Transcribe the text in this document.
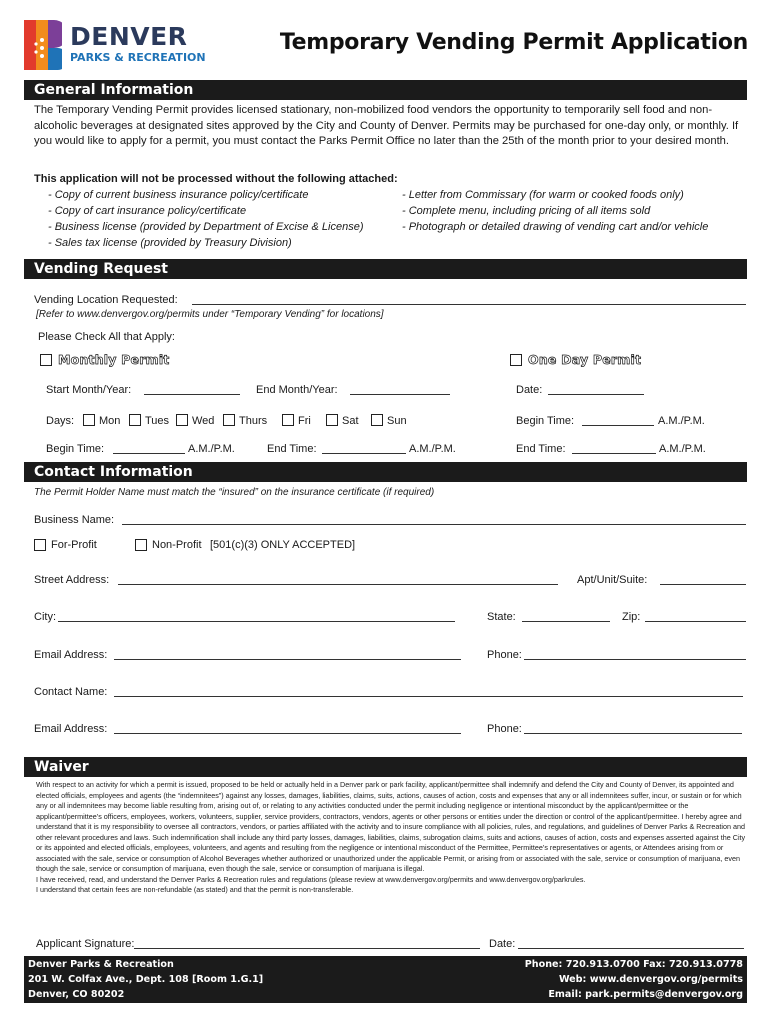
DENVER
PARKS & RECREATION
Temporary Vending Permit Application
General Information
The Temporary Vending Permit provides licensed stationary, non-mobilized food vendors the opportunity to temporarily sell food and non-alcoholic beverages at designated sites approved by the City and County of Denver. Permits may be purchased for one-day only, or monthly. If you would like to apply for a permit, you must contact the Parks Permit Office no later than the 25th of the month prior to your desired month.
This application will not be processed without the following attached:
- Copy of current business insurance policy/certificate
- Copy of cart insurance policy/certificate
- Business license (provided by Department of Excise & License)
- Sales tax license (provided by Treasury Division)
- Letter from Commissary (for warm or cooked foods only)
- Complete menu, including pricing of all items sold
- Photograph or detailed drawing of vending cart and/or vehicle
Vending Request
Vending Location Requested:
[Refer to www.denvergov.org/permits under “Temporary Vending” for locations]
Please Check All that Apply:
Monthly Permit	One Day Permit
Start Month/Year:	End Month/Year:	Date:
Days: Mon Tues Wed Thurs	Fri	Sat	Sun	Begin Time:	A.M./P.M.
Begin Time:	A.M./P.M.	End Time:	A.M./P.M.	End Time:	A.M./P.M.
Contact Information
The Permit Holder Name must match the “insured” on the insurance certificate (if required)
Business Name:
For-Profit	Non-Profit [501(c)(3) ONLY ACCEPTED]
Street Address:	Apt/Unit/Suite:
City:	State:	Zip:
Email Address:	Phone:
Contact Name:
Email Address:	Phone:
Waiver
With respect to an activity for which a permit is issued, proposed to be held or actually held in a Denver park or park facility, applicant/permittee shall indemnify and defend the City and County of Denver, its appointed and elected officials, employees and agents (the “indemnitees”) against any losses, damages, liabilities, claims, suits, actions, causes of action, costs and expenses that any or all indemnitees suffer, incur, or sustain or for which any or all indemnitees may become liable resulting from, arising out of, or relating to any activities conducted under the permit including negligence or intentional misconduct by the applicant/permittee or the applicant/permittee’s officers, employees, workers, volunteers, supplier, service providers, contractors, vendors, agents or other persons or entities under the direction or control of the applicant/permittee. I hereby agree and understand that it is my responsibility to oversee all contractors, vendors, or parties affiliated with the activity and to insure compliance with all policies, rules, and regulations, and guidelines of Denver Parks & Recreation and other relevant procedures and laws. Such indemnification shall include any third party losses, damages, liabilities, claims, subrogation claims, suits and actions, causes of action, costs and expenses asserted against the City or its appointed and elected officials, employees, volunteers, and agents and resulting from the negligence or intentional misconduct of the Permittee, Permittee’s representatives or agents, or Attendees arising from or associated with the sale, service or consumption of Alcohol Beverages whether authorized or unauthorized under the applicable Permit, or arising from or associated with the sale, service or consumption of marijuana, even though the sale, service or consumption of marijuana, even though the sale, service or consumption of marijuana is illegal.
I have received, read, and understand the Denver Parks & Recreation rules and regulations (please review at www.denvergov.org/permits and www.denvergov.org/parkrules.
I understand that certain fees are non-refundable (as stated) and that the permit is non-transferable.
Applicant Signature:	Date:
Denver Parks & Recreation
201 W. Colfax Ave., Dept. 108 [Room 1.G.1]
Denver, CO 80202
Phone: 720.913.0700 Fax: 720.913.0778
Web: www.denvergov.org/permits
Email: park.permits@denvergov.org
